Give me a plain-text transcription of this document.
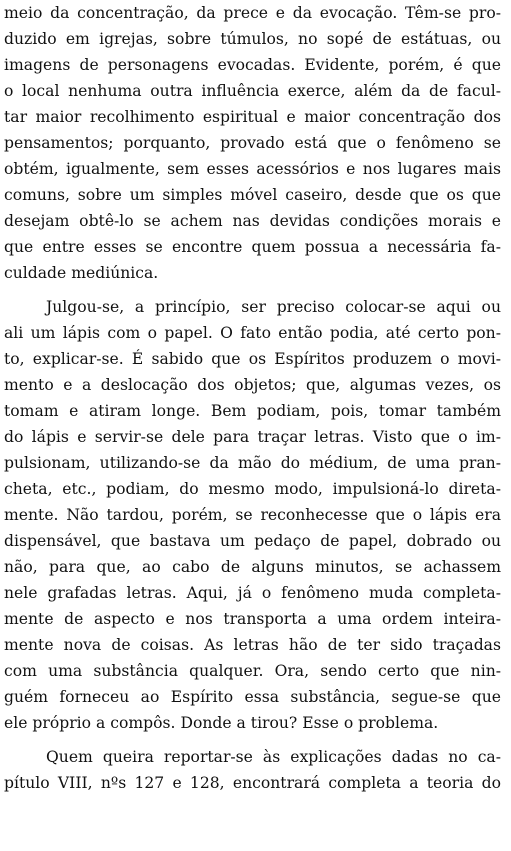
meio da concentração, da prece e da evocação. Têm-se pro-
duzido em igrejas, sobre túmulos, no sopé de estátuas, ou
imagens de personagens evocadas. Evidente, porém, é que
o local nenhuma outra influência exerce, além da de facul-
tar maior recolhimento espiritual e maior concentração dos
pensamentos; porquanto, provado está que o fenômeno se
obtém, igualmente, sem esses acessórios e nos lugares mais
comuns, sobre um simples móvel caseiro, desde que os que
desejam obtê-lo se achem nas devidas condições morais e
que entre esses se encontre quem possua a necessária fa-
culdade mediúnica.
Julgou-se, a princípio, ser preciso colocar-se aqui ou
ali um lápis com o papel. O fato então podia, até certo pon-
to, explicar-se. É sabido que os Espíritos produzem o movi-
mento e a deslocação dos objetos; que, algumas vezes, os
tomam e atiram longe. Bem podiam, pois, tomar também
do lápis e servir-se dele para traçar letras. Visto que o im-
pulsionam, utilizando-se da mão do médium, de uma pran-
cheta, etc., podiam, do mesmo modo, impulsioná-lo direta-
mente. Não tardou, porém, se reconhecesse que o lápis era
dispensável, que bastava um pedaço de papel, dobrado ou
não, para que, ao cabo de alguns minutos, se achassem
nele grafadas letras. Aqui, já o fenômeno muda completa-
mente de aspecto e nos transporta a uma ordem inteira-
mente nova de coisas. As letras hão de ter sido traçadas
com uma substância qualquer. Ora, sendo certo que nin-
guém forneceu ao Espírito essa substância, segue-se que
ele próprio a compôs. Donde a tirou? Esse o problema.
Quem queira reportar-se às explicações dadas no ca-
pítulo VIII, nºs 127 e 128, encontrará completa a teoria do
